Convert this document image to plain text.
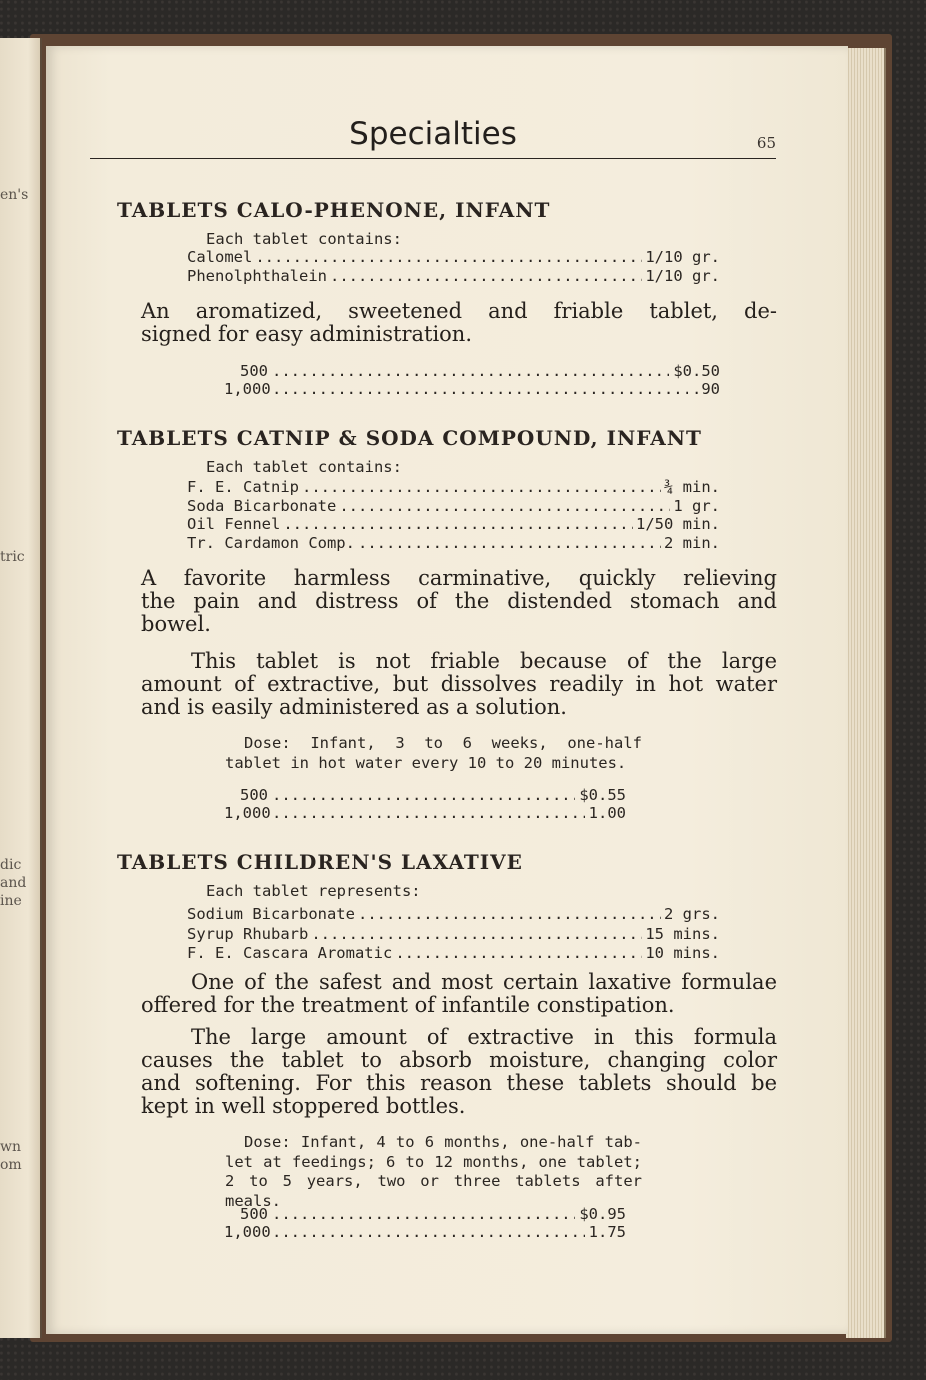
en's
tric
dic
and
ine
wn
om
Specialties	65
TABLETS CALO-PHENONE, INFANT
Each tablet contains:
Calomel .....	1/10 gr.
Phenolphthalein .....	1/10 gr.
An aromatized, sweetened and friable tablet, de-
signed for easy administration.
500 .....	$0.50
1,000 .....	.90
TABLETS CATNIP & SODA COMPOUND, INFANT
Each tablet contains:
F. E. Catnip .....	¾ min.
Soda Bicarbonate .....	1 gr.
Oil Fennel .....	1/50 min.
Tr. Cardamon Comp. .....	2 min.
A favorite harmless carminative, quickly relieving
the pain and distress of the distended stomach and
bowel.
This tablet is not friable because of the large
amount of extractive, but dissolves readily in hot water
and is easily administered as a solution.
Dose: Infant, 3 to 6 weeks, one-half
tablet in hot water every 10 to 20 minutes.
500 .....	$0.55
1,000 .....	1.00
TABLETS CHILDREN'S LAXATIVE
Each tablet represents:
Sodium Bicarbonate .....	2 grs.
Syrup Rhubarb .....	15 mins.
F. E. Cascara Aromatic .....	10 mins.
One of the safest and most certain laxative formulae
offered for the treatment of infantile constipation.
The large amount of extractive in this formula
causes the tablet to absorb moisture, changing color
and softening. For this reason these tablets should be
kept in well stoppered bottles.
Dose: Infant, 4 to 6 months, one-half tab-
let at feedings; 6 to 12 months, one tablet;
2 to 5 years, two or three tablets after meals.
500 .....	$0.95
1,000 .....	1.75
